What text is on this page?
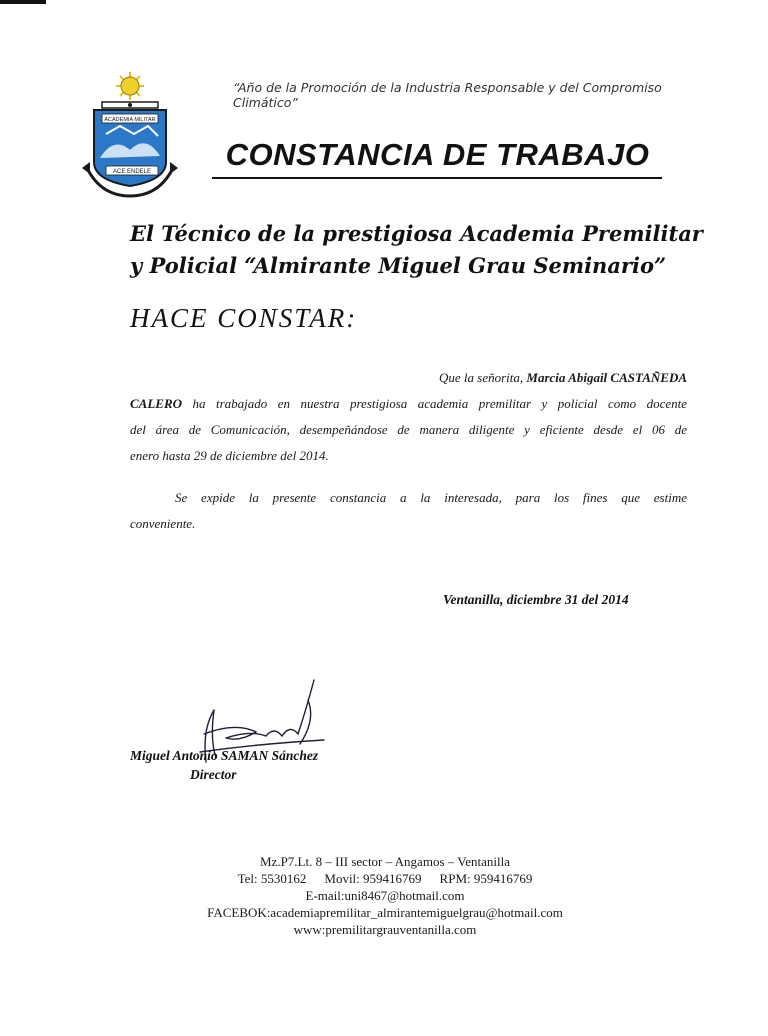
ACADEMIA MILITAR
ACE ENDELE
“Año de la Promoción de la Industria Responsable y del Compromiso Climático”
CONSTANCIA DE TRABAJO
El Técnico de la prestigiosa Academia Premilitar
y Policial “Almirante Miguel Grau Seminario”
HACE CONSTAR:
Que la señorita, Marcia Abigail CASTAÑEDA
CALERO ha trabajado en nuestra prestigiosa academia premilitar y policial como docente
del área de Comunicación, desempeñándose de manera diligente y eficiente desde el 06 de
enero hasta 29 de diciembre del 2014.
Se expide la presente constancia a la interesada, para los fines que estime
conveniente.
Ventanilla, diciembre 31 del 2014
Miguel Antonio SAMAN Sánchez
Director
Mz.P7.Lt. 8 – III sector – Angamos – Ventanilla
Tel: 5530162 Movil: 959416769 RPM: 959416769
E-mail:uni8467@hotmail.com
FACEBOK:academiapremilitar_almirantemiguelgrau@hotmail.com
www:premilitargrauventanilla.com
